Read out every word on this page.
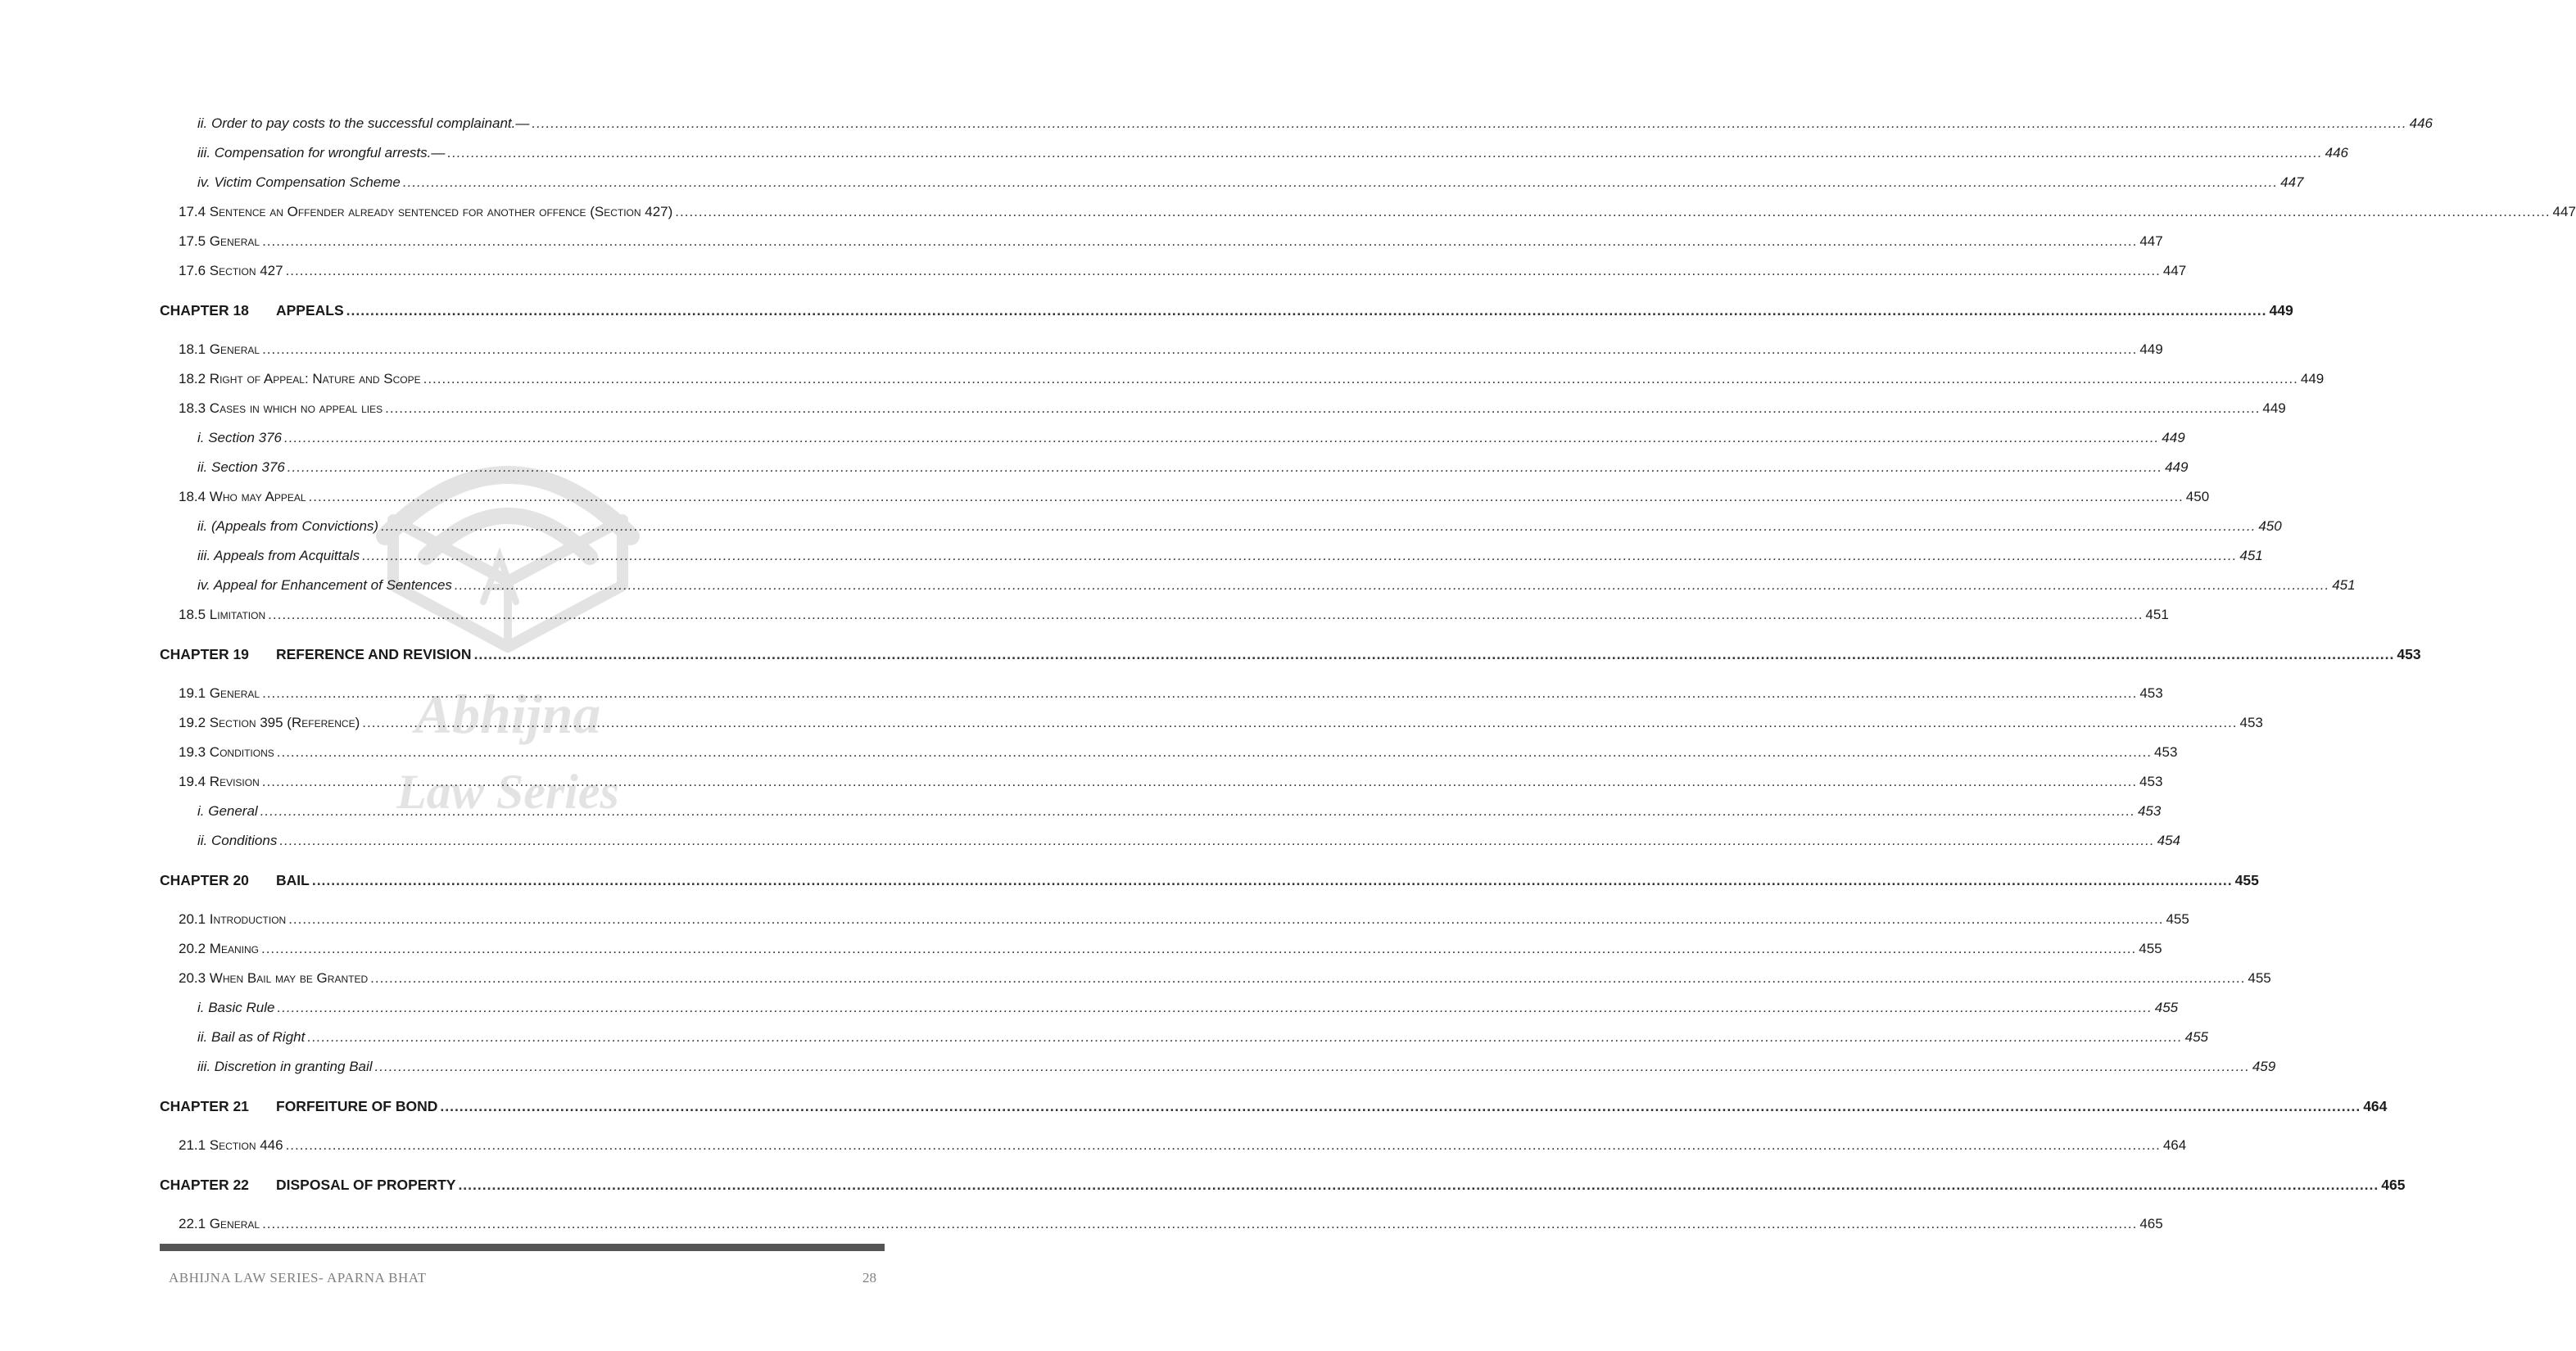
Abhijna
Law Series
ii. Order to pay costs to the successful complainant.— ................................................................................................................................................................................................................................................................................................................................................................................................................ 446
iii. Compensation for wrongful arrests.— ................................................................................................................................................................................................................................................................................................................................................................................................................ 446
iv. Victim Compensation Scheme ................................................................................................................................................................................................................................................................................................................................................................................................................ 447
17.4 Sentence an Offender already sentenced for another offence (Section 427) ................................................................................................................................................................................................................................................................................................................................................................................................................ 447
17.5 General ................................................................................................................................................................................................................................................................................................................................................................................................................ 447
17.6 Section 427 ................................................................................................................................................................................................................................................................................................................................................................................................................ 447
CHAPTER 18 APPEALS ................................................................................................................................................................................................................................................................................................................................................................................................................ 449
18.1 General ................................................................................................................................................................................................................................................................................................................................................................................................................ 449
18.2 Right of Appeal: Nature and Scope ................................................................................................................................................................................................................................................................................................................................................................................................................ 449
18.3 Cases in which no appeal lies ................................................................................................................................................................................................................................................................................................................................................................................................................ 449
i. Section 376 ................................................................................................................................................................................................................................................................................................................................................................................................................ 449
ii. Section 376 ................................................................................................................................................................................................................................................................................................................................................................................................................ 449
18.4 Who may Appeal ................................................................................................................................................................................................................................................................................................................................................................................................................ 450
ii. (Appeals from Convictions) ................................................................................................................................................................................................................................................................................................................................................................................................................ 450
iii. Appeals from Acquittals ................................................................................................................................................................................................................................................................................................................................................................................................................ 451
iv. Appeal for Enhancement of Sentences ................................................................................................................................................................................................................................................................................................................................................................................................................ 451
18.5 Limitation ................................................................................................................................................................................................................................................................................................................................................................................................................ 451
CHAPTER 19 REFERENCE AND REVISION ................................................................................................................................................................................................................................................................................................................................................................................................................ 453
19.1 General ................................................................................................................................................................................................................................................................................................................................................................................................................ 453
19.2 Section 395 (Reference) ................................................................................................................................................................................................................................................................................................................................................................................................................ 453
19.3 Conditions ................................................................................................................................................................................................................................................................................................................................................................................................................ 453
19.4 Revision ................................................................................................................................................................................................................................................................................................................................................................................................................ 453
i. General ................................................................................................................................................................................................................................................................................................................................................................................................................ 453
ii. Conditions ................................................................................................................................................................................................................................................................................................................................................................................................................ 454
CHAPTER 20 BAIL ................................................................................................................................................................................................................................................................................................................................................................................................................ 455
20.1 Introduction ................................................................................................................................................................................................................................................................................................................................................................................................................ 455
20.2 Meaning ................................................................................................................................................................................................................................................................................................................................................................................................................ 455
20.3 When Bail may be Granted ................................................................................................................................................................................................................................................................................................................................................................................................................ 455
i. Basic Rule ................................................................................................................................................................................................................................................................................................................................................................................................................ 455
ii. Bail as of Right ................................................................................................................................................................................................................................................................................................................................................................................................................ 455
iii. Discretion in granting Bail ................................................................................................................................................................................................................................................................................................................................................................................................................ 459
CHAPTER 21 FORFEITURE OF BOND ................................................................................................................................................................................................................................................................................................................................................................................................................ 464
21.1 Section 446 ................................................................................................................................................................................................................................................................................................................................................................................................................ 464
CHAPTER 22 DISPOSAL OF PROPERTY ................................................................................................................................................................................................................................................................................................................................................................................................................ 465
22.1 General ................................................................................................................................................................................................................................................................................................................................................................................................................ 465
ABHIJNA LAW SERIES- APARNA BHAT	28
